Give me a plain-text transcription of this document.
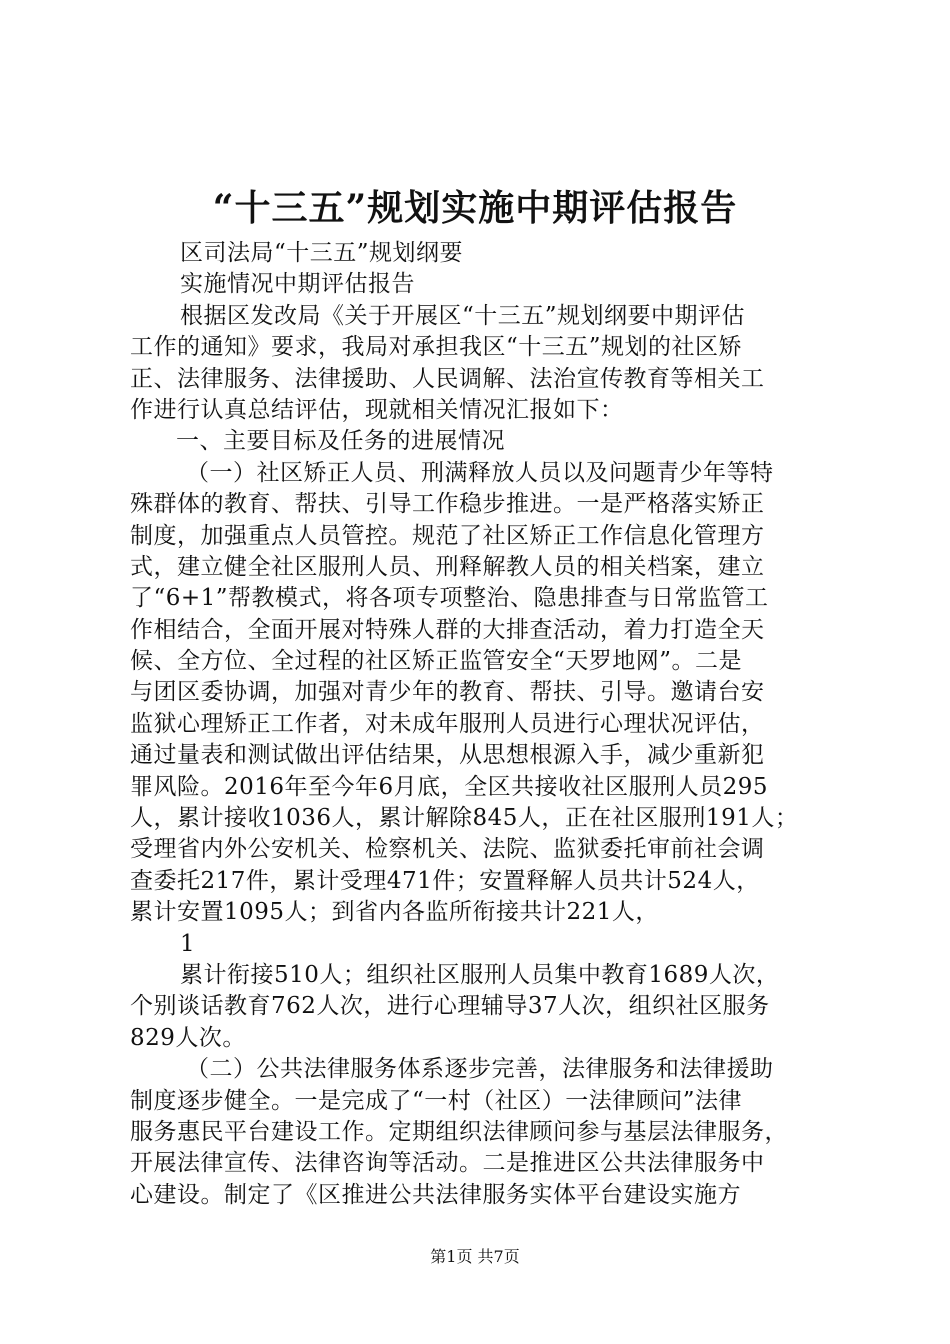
“十三五”规划实施中期评估报告
区司法局“十三五”规划纲要
实施情况中期评估报告
根据区发改局《关于开展区“十三五”规划纲要中期评估
工作的通知》要求，我局对承担我区“十三五”规划的社区矫
正、法律服务、法律援助、人民调解、法治宣传教育等相关工
作进行认真总结评估，现就相关情况汇报如下：
一、主要目标及任务的进展情况
（一）社区矫正人员、刑满释放人员以及问题青少年等特
殊群体的教育、帮扶、引导工作稳步推进。一是严格落实矫正
制度，加强重点人员管控。规范了社区矫正工作信息化管理方
式，建立健全社区服刑人员、刑释解教人员的相关档案，建立
了“6+1”帮教模式，将各项专项整治、隐患排查与日常监管工
作相结合，全面开展对特殊人群的大排查活动，着力打造全天
候、全方位、全过程的社区矫正监管安全“天罗地网”。二是
与团区委协调，加强对青少年的教育、帮扶、引导。邀请台安
监狱心理矫正工作者，对未成年服刑人员进行心理状况评估，
通过量表和测试做出评估结果，从思想根源入手，减少重新犯
罪风险。2016年至今年6月底，全区共接收社区服刑人员295
人，累计接收1036人，累计解除845人，正在社区服刑191人；
受理省内外公安机关、检察机关、法院、监狱委托审前社会调
查委托217件，累计受理471件；安置释解人员共计524人，
累计安置1095人；到省内各监所衔接共计221人，
1
累计衔接510人；组织社区服刑人员集中教育1689人次，
个别谈话教育762人次，进行心理辅导37人次，组织社区服务
829人次。
（二）公共法律服务体系逐步完善，法律服务和法律援助
制度逐步健全。一是完成了“一村（社区）一法律顾问”法律
服务惠民平台建设工作。定期组织法律顾问参与基层法律服务，
开展法律宣传、法律咨询等活动。二是推进区公共法律服务中
心建设。制定了《区推进公共法律服务实体平台建设实施方
第1页 共7页
